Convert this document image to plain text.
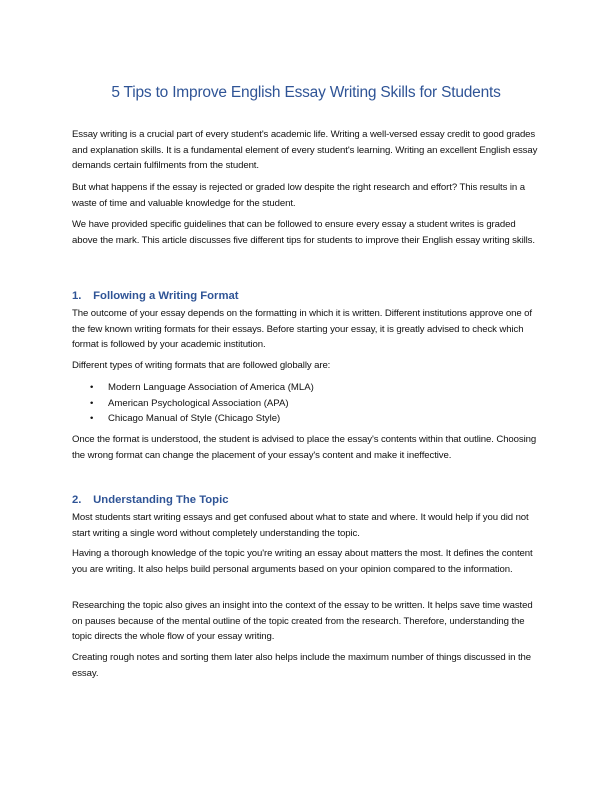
5 Tips to Improve English Essay Writing Skills for Students

Essay writing is a crucial part of every student's academic life. Writing a well-versed essay credit to good grades and explanation skills. It is a fundamental element of every student's learning. Writing an excellent English essay demands certain fulfilments from the student.

But what happens if the essay is rejected or graded low despite the right research and effort? This results in a waste of time and valuable knowledge for the student.

We have provided specific guidelines that can be followed to ensure every essay a student writes is graded above the mark. This article discusses five different tips for students to improve their English essay writing skills.

1. Following a Writing Format

The outcome of your essay depends on the formatting in which it is written. Different institutions approve one of the few known writing formats for their essays. Before starting your essay, it is greatly advised to check which format is followed by your academic institution.

Different types of writing formats that are followed globally are:

• Modern Language Association of America (MLA)
• American Psychological Association (APA)
• Chicago Manual of Style (Chicago Style)

Once the format is understood, the student is advised to place the essay's contents within that outline. Choosing the wrong format can change the placement of your essay's content and make it ineffective.

2. Understanding The Topic

Most students start writing essays and get confused about what to state and where. It would help if you did not start writing a single word without completely understanding the topic.

Having a thorough knowledge of the topic you're writing an essay about matters the most. It defines the content you are writing. It also helps build personal arguments based on your opinion compared to the information.

Researching the topic also gives an insight into the context of the essay to be written. It helps save time wasted on pauses because of the mental outline of the topic created from the research. Therefore, understanding the topic directs the whole flow of your essay writing.

Creating rough notes and sorting them later also helps include the maximum number of things discussed in the essay.
